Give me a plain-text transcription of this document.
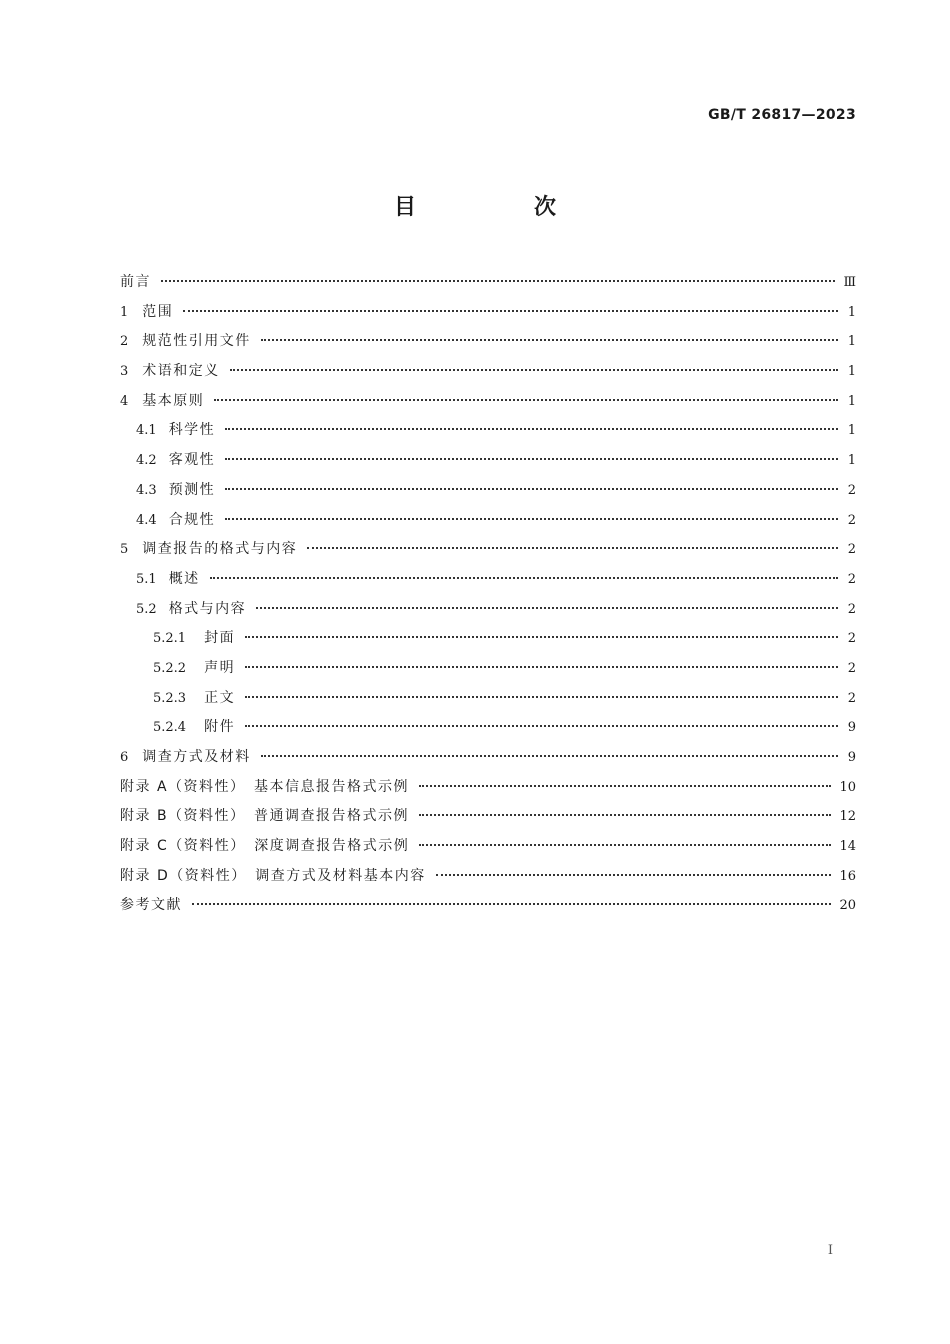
GB/T 26817—2023
目　次
前言	Ⅲ
1 范围	1
2 规范性引用文件	1
3 术语和定义	1
4 基本原则	1
4.1 科学性	1
4.2 客观性	1
4.3 预测性	2
4.4 合规性	2
5 调查报告的格式与内容	2
5.1 概述	2
5.2 格式与内容	2
5.2.1 封面	2
5.2.2 声明	2
5.2.3 正文	2
5.2.4 附件	9
6 调查方式及材料	9
附录 A（资料性）　基本信息报告格式示例	10
附录 B（资料性）　普通调查报告格式示例	12
附录 C（资料性）　深度调查报告格式示例	14
附录 D（资料性）　调查方式及材料基本内容	16
参考文献	20
Ⅰ
